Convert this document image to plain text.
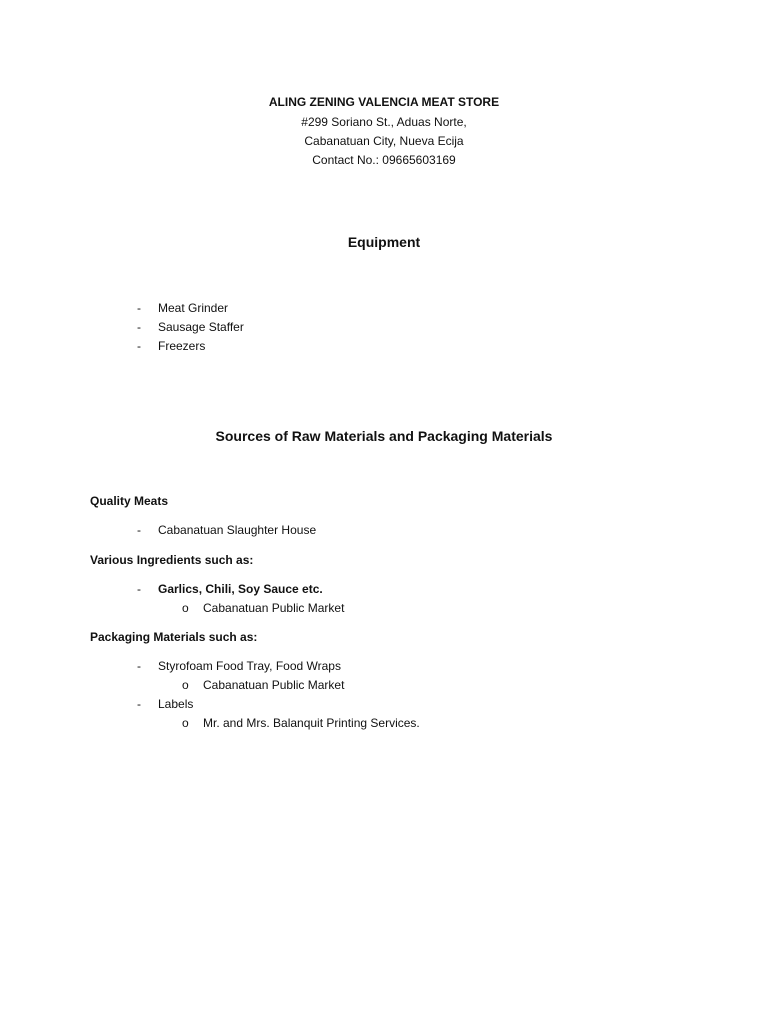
ALING ZENING VALENCIA MEAT STORE
#299 Soriano St., Aduas Norte,
Cabanatuan City, Nueva Ecija
Contact No.: 09665603169
Equipment
-	Meat Grinder
-	Sausage Staffer
-	Freezers
Sources of Raw Materials and Packaging Materials
Quality Meats
-	Cabanatuan Slaughter House
Various Ingredients such as:
-	Garlics, Chili, Soy Sauce etc.
o Cabanatuan Public Market
Packaging Materials such as:
-	Styrofoam Food Tray, Food Wraps
o Cabanatuan Public Market
-	Labels
o Mr. and Mrs. Balanquit Printing Services.
